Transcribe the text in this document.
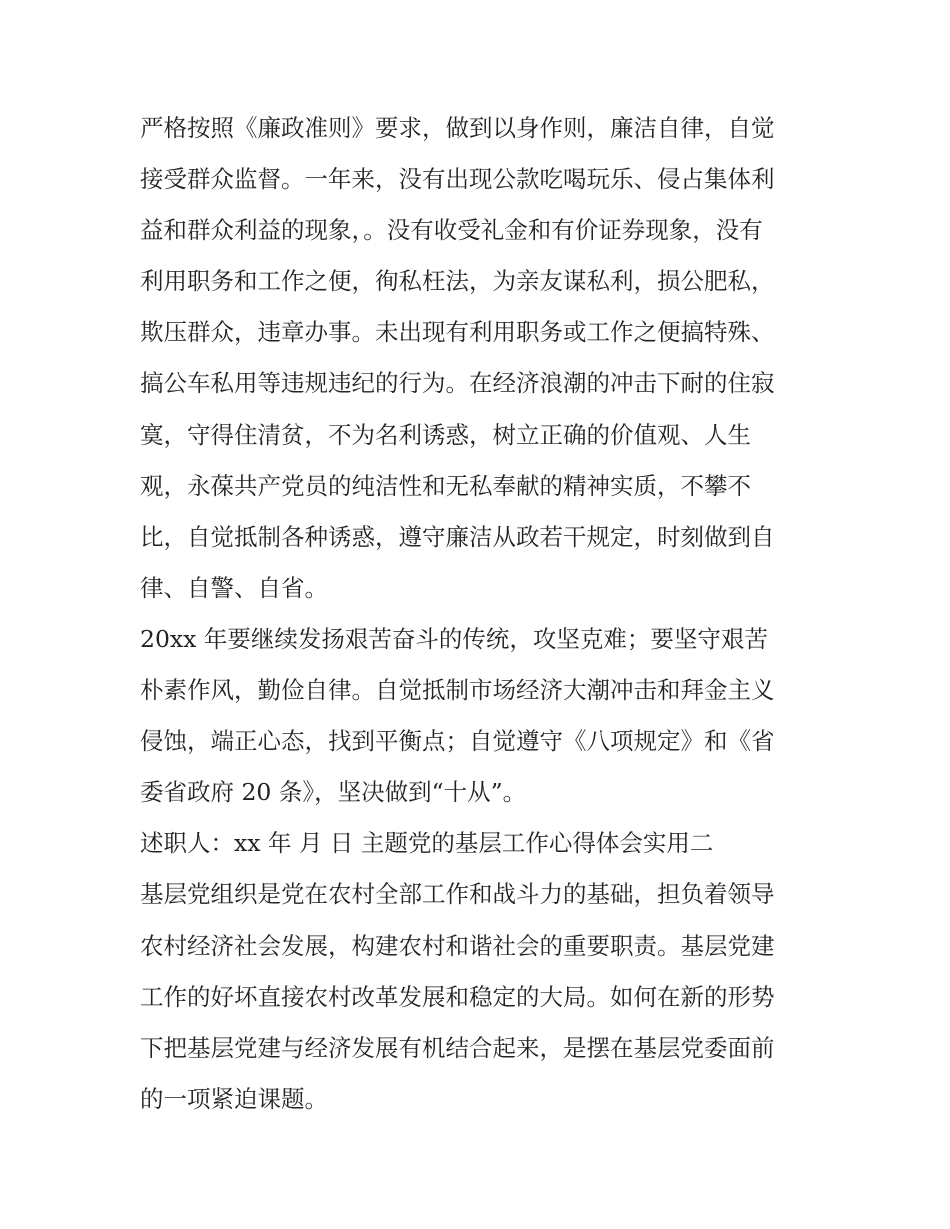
严格按照《廉政准则》要求，做到以身作则，廉洁自律，自觉
接受群众监督。一年来，没有出现公款吃喝玩乐、侵占集体利
益和群众利益的现象，。没有收受礼金和有价证券现象，没有
利用职务和工作之便，徇私枉法，为亲友谋私利，损公肥私，
欺压群众，违章办事。未出现有利用职务或工作之便搞特殊、
搞公车私用等违规违纪的行为。在经济浪潮的冲击下耐的住寂
寞，守得住清贫，不为名利诱惑，树立正确的价值观、人生
观，永葆共产党员的纯洁性和无私奉献的精神实质，不攀不
比，自觉抵制各种诱惑，遵守廉洁从政若干规定，时刻做到自
律、自警、自省。

20xx 年要继续发扬艰苦奋斗的传统，攻坚克难；要坚守艰苦
朴素作风，勤俭自律。自觉抵制市场经济大潮冲击和拜金主义
侵蚀，端正心态，找到平衡点；自觉遵守《八项规定》和《省
委省政府 20 条》，坚决做到“十从”。

述职人：xx 年 月 日 主题党的基层工作心得体会实用二

基层党组织是党在农村全部工作和战斗力的基础，担负着领导
农村经济社会发展，构建农村和谐社会的重要职责。基层党建
工作的好坏直接农村改革发展和稳定的大局。如何在新的形势
下把基层党建与经济发展有机结合起来，是摆在基层党委面前
的一项紧迫课题。
